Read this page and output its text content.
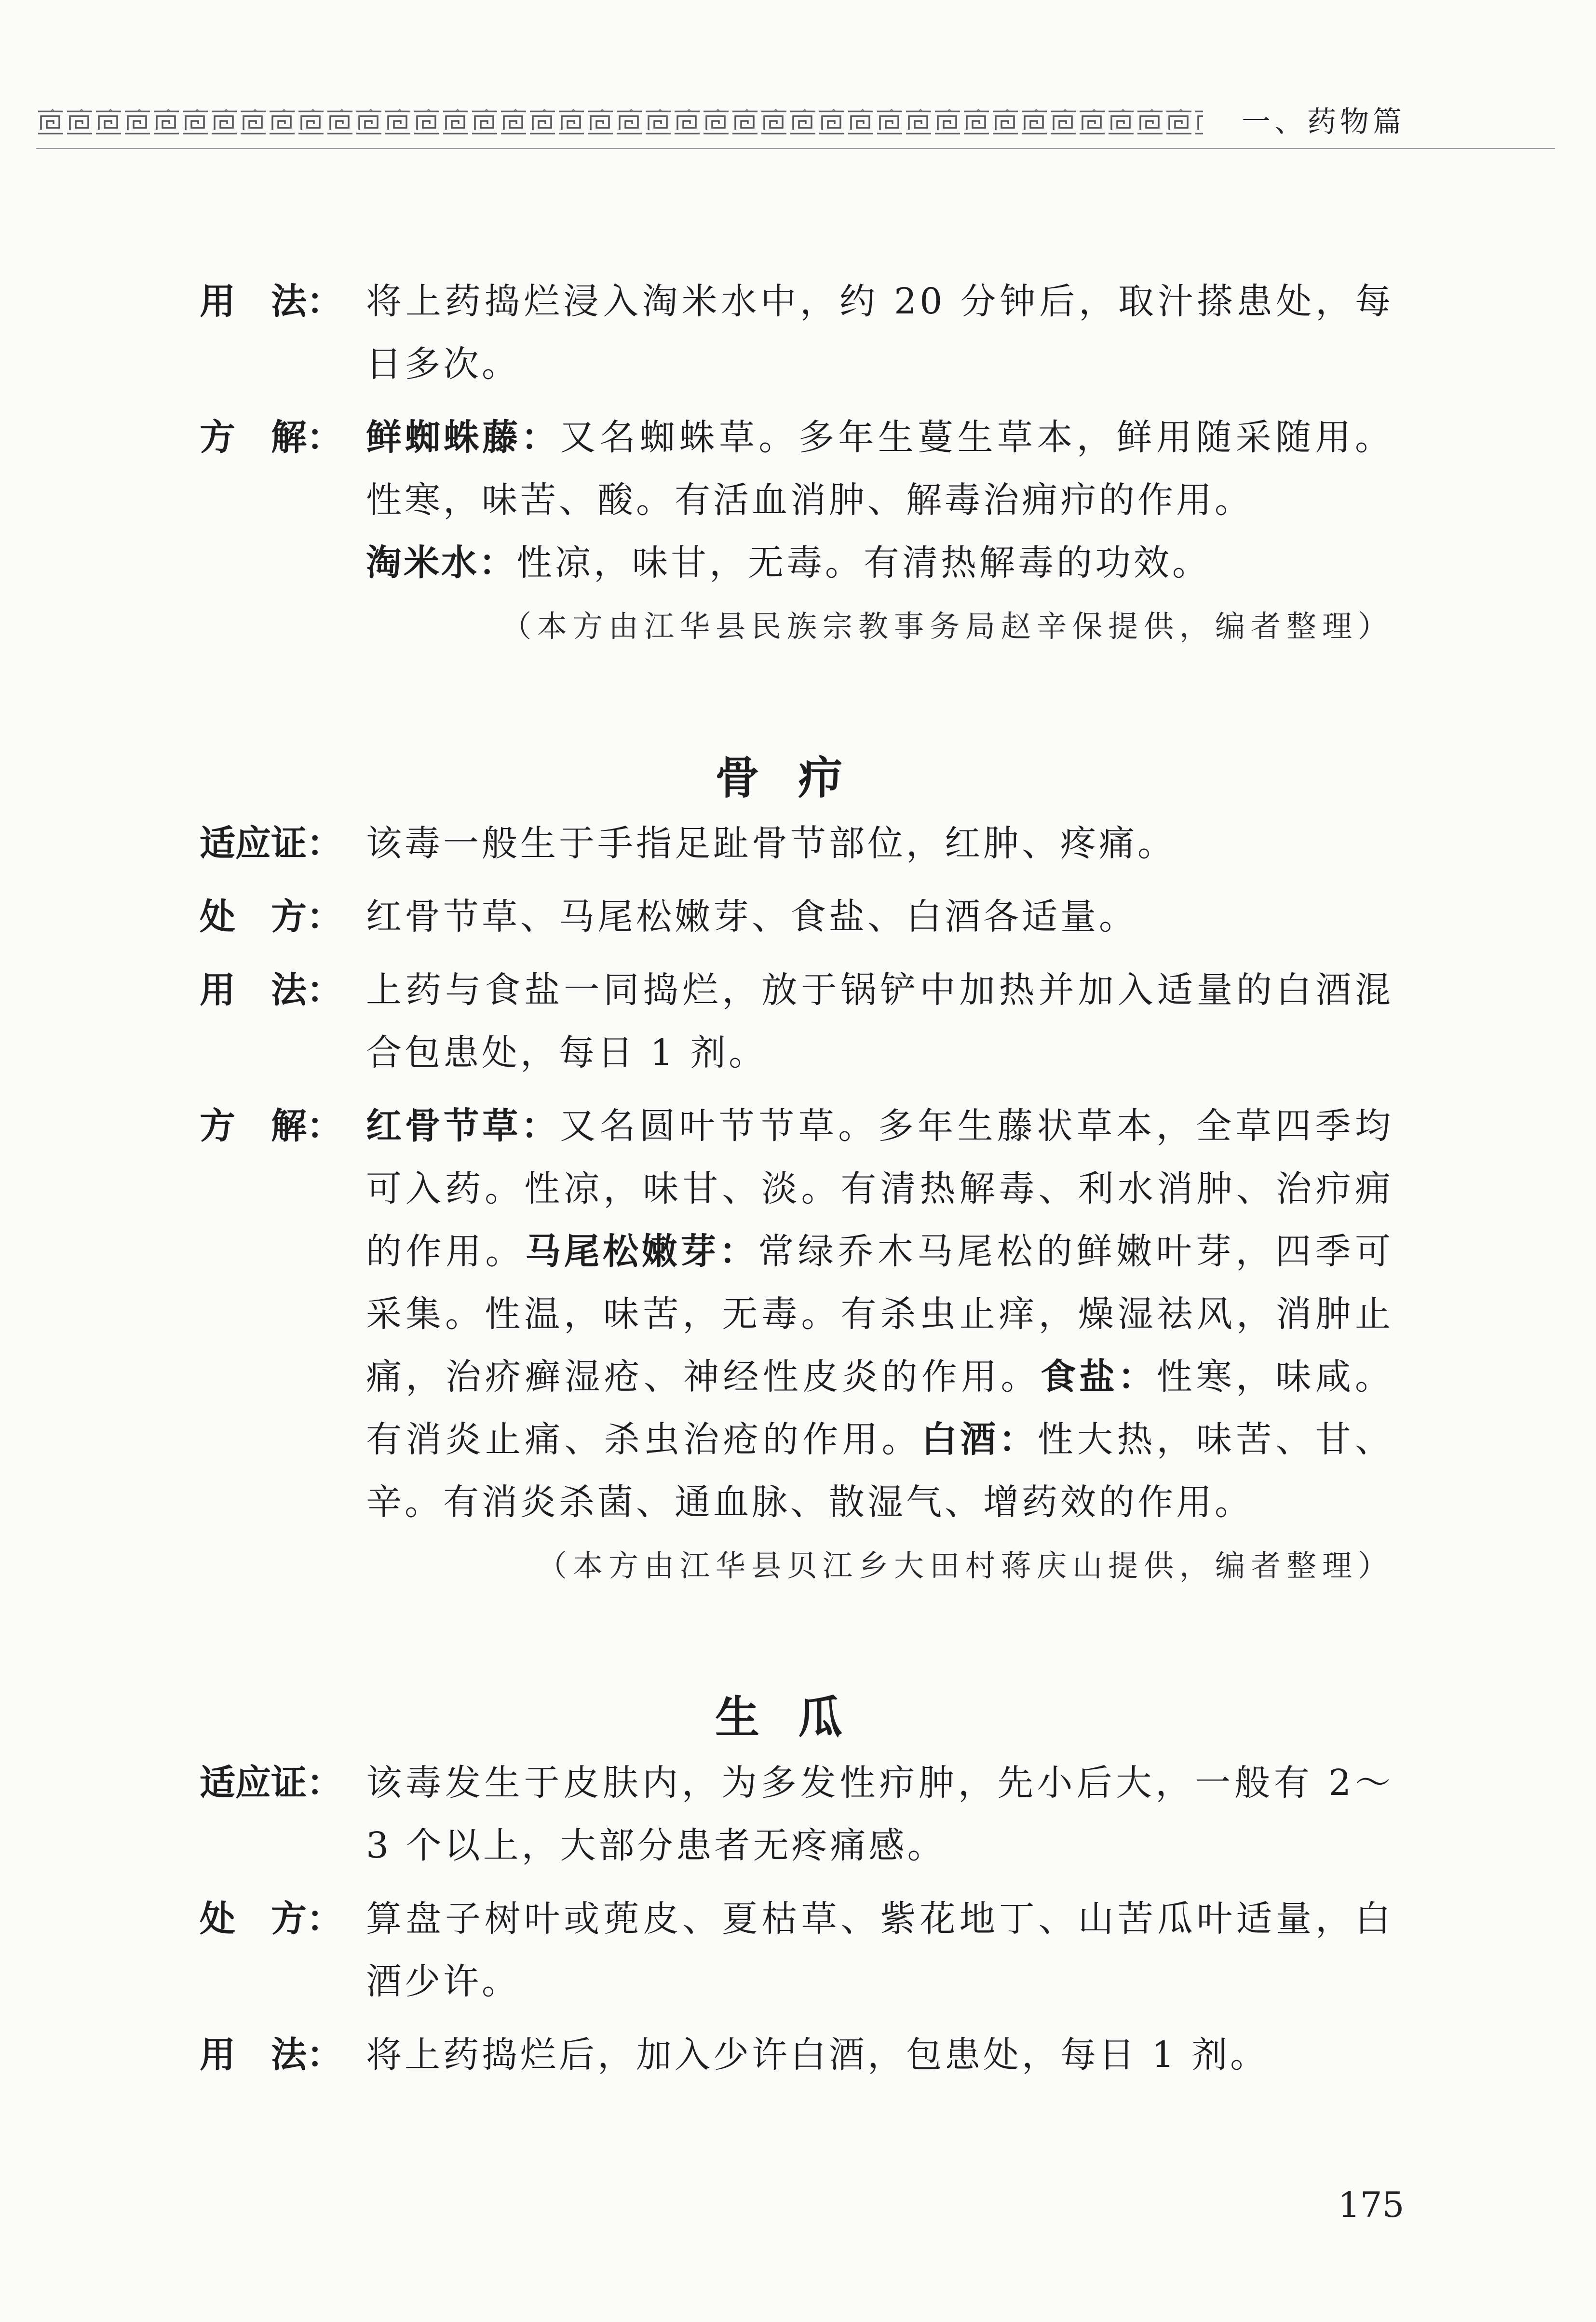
一、药物篇
用　法： 将上药捣烂浸入淘米水中，约 20 分钟后，取汁搽患处，每日多次。
方　解： 鲜蜘蛛藤：又名蜘蛛草。多年生蔓生草本，鲜用随采随用。性寒，味苦、酸。有活血消肿、解毒治痈疖的作用。
淘米水：性凉，味甘，无毒。有清热解毒的功效。
（本方由江华县民族宗教事务局赵辛保提供，编者整理）
骨疖
适应证： 该毒一般生于手指足趾骨节部位，红肿、疼痛。
处　方： 红骨节草、马尾松嫩芽、食盐、白酒各适量。
用　法： 上药与食盐一同捣烂，放于锅铲中加热并加入适量的白酒混合包患处，每日 1 剂。
方　解： 红骨节草：又名圆叶节节草。多年生藤状草本，全草四季均可入药。性凉，味甘、淡。有清热解毒、利水消肿、治疖痈的作用。马尾松嫩芽：常绿乔木马尾松的鲜嫩叶芽，四季可采集。性温，味苦，无毒。有杀虫止痒，燥湿祛风，消肿止痛，治疥癣湿疮、神经性皮炎的作用。食盐：性寒，味咸。有消炎止痛、杀虫治疮的作用。白酒：性大热，味苦、甘、辛。有消炎杀菌、通血脉、散湿气、增药效的作用。
（本方由江华县贝江乡大田村蒋庆山提供，编者整理）
生瓜
适应证： 该毒发生于皮肤内，为多发性疖肿，先小后大，一般有 2～3 个以上，大部分患者无疼痛感。
处　方： 算盘子树叶或蔸皮、夏枯草、紫花地丁、山苦瓜叶适量，白酒少许。
用　法： 将上药捣烂后，加入少许白酒，包患处，每日 1 剂。
175
